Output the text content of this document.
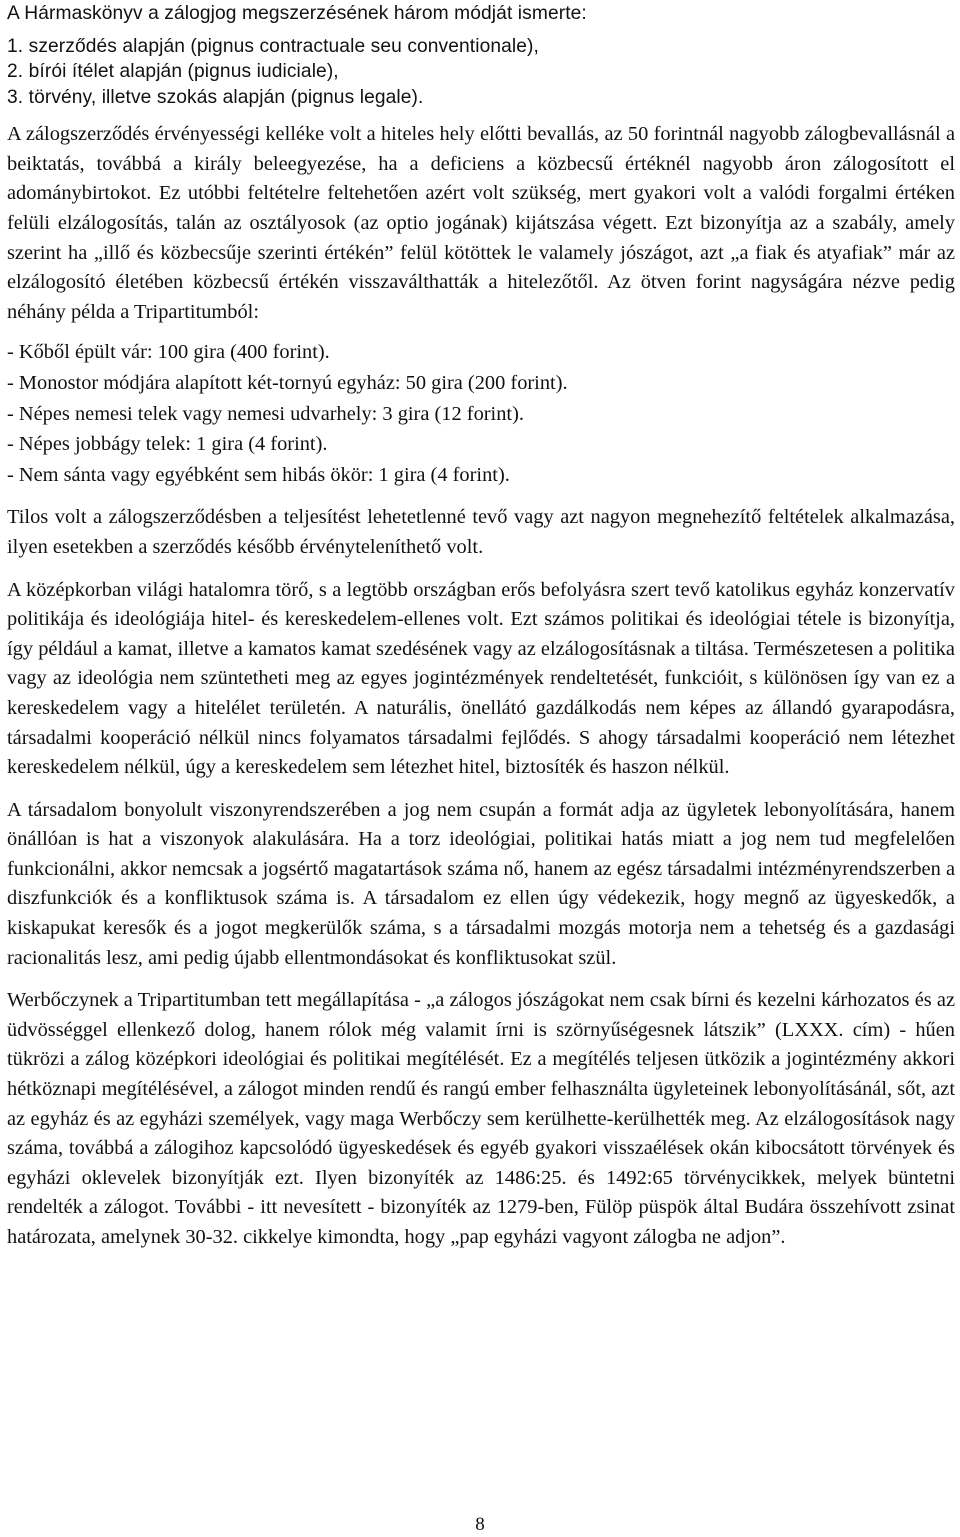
A Hármaskönyv a zálogjog megszerzésének három módját ismerte:
1. szerződés alapján (pignus contractuale seu conventionale),
2. bírói ítélet alapján (pignus iudiciale),
3. törvény, illetve szokás alapján (pignus legale).

A zálogszerződés érvényességi kelléke volt a hiteles hely előtti bevallás, az 50 forintnál nagyobb zálogbevallásnál a beiktatás, továbbá a király beleegyezése, ha a deficiens a közbecsű értéknél nagyobb áron zálogosított el adománybirtokot. Ez utóbbi feltételre feltehetően azért volt szükség, mert gyakori volt a valódi forgalmi értéken felüli elzálogosítás, talán az osztályosok (az optio jogának) kijátszása végett. Ezt bizonyítja az a szabály, amely szerint ha „illő és közbecsűje szerinti értékén” felül kötöttek le valamely jószágot, azt „a fiak és atyafiak” már az elzálogosító életében közbecsű értékén visszaválthatták a hitelezőtől. Az ötven forint nagyságára nézve pedig néhány példa a Tripartitumból:

- Kőből épült vár: 100 gira (400 forint).
- Monostor módjára alapított két-tornyú egyház: 50 gira (200 forint).
- Népes nemesi telek vagy nemesi udvarhely: 3 gira (12 forint).
- Népes jobbágy telek: 1 gira (4 forint).
- Nem sánta vagy egyébként sem hibás ökör: 1 gira (4 forint).

Tilos volt a zálogszerződésben a teljesítést lehetetlenné tevő vagy azt nagyon megnehezítő feltételek alkalmazása, ilyen esetekben a szerződés később érvényteleníthető volt.

A középkorban világi hatalomra törő, s a legtöbb országban erős befolyásra szert tevő katolikus egyház konzervatív politikája és ideológiája hitel- és kereskedelem-ellenes volt. Ezt számos politikai és ideológiai tétele is bizonyítja, így például a kamat, illetve a kamatos kamat szedésének vagy az elzálogosításnak a tiltása. Természetesen a politika vagy az ideológia nem szüntetheti meg az egyes jogintézmények rendeltetését, funkcióit, s különösen így van ez a kereskedelem vagy a hitelélet területén. A naturális, önellátó gazdálkodás nem képes az állandó gyarapodásra, társadalmi kooperáció nélkül nincs folyamatos társadalmi fejlődés. S ahogy társadalmi kooperáció nem létezhet kereskedelem nélkül, úgy a kereskedelem sem létezhet hitel, biztosíték és haszon nélkül.

A társadalom bonyolult viszonyrendszerében a jog nem csupán a formát adja az ügyletek lebonyolítására, hanem önállóan is hat a viszonyok alakulására. Ha a torz ideológiai, politikai hatás miatt a jog nem tud megfelelően funkcionálni, akkor nemcsak a jogsértő magatartások száma nő, hanem az egész társadalmi intézményrendszerben a diszfunkciók és a konfliktusok száma is. A társadalom ez ellen úgy védekezik, hogy megnő az ügyeskedők, a kiskapukat keresők és a jogot megkerülők száma, s a társadalmi mozgás motorja nem a tehetség és a gazdasági racionalitás lesz, ami pedig újabb ellentmondásokat és konfliktusokat szül.

Werbőczynek a Tripartitumban tett megállapítása - „a zálogos jószágokat nem csak bírni és kezelni kárhozatos és az üdvösséggel ellenkező dolog, hanem rólok még valamit írni is szörnyűségesnek látszik” (LXXX. cím) - hűen tükrözi a zálog középkori ideológiai és politikai megítélését. Ez a megítélés teljesen ütközik a jogintézmény akkori hétköznapi megítélésével, a zálogot minden rendű és rangú ember felhasználta ügyleteinek lebonyolításánál, sőt, azt az egyház és az egyházi személyek, vagy maga Werbőczy sem kerülhette-kerülhették meg. Az elzálogosítások nagy száma, továbbá a zálogihoz kapcsolódó ügyeskedések és egyéb gyakori visszaélések okán kibocsátott törvények és egyházi oklevelek bizonyítják ezt. Ilyen bizonyíték az 1486:25. és 1492:65 törvénycikkek, melyek büntetni rendelték a zálogot. További - itt nevesített - bizonyíték az 1279-ben, Fülöp püspök által Budára összehívott zsinat határozata, amelynek 30-32. cikkelye kimondta, hogy „pap egyházi vagyont zálogba ne adjon”.

8
